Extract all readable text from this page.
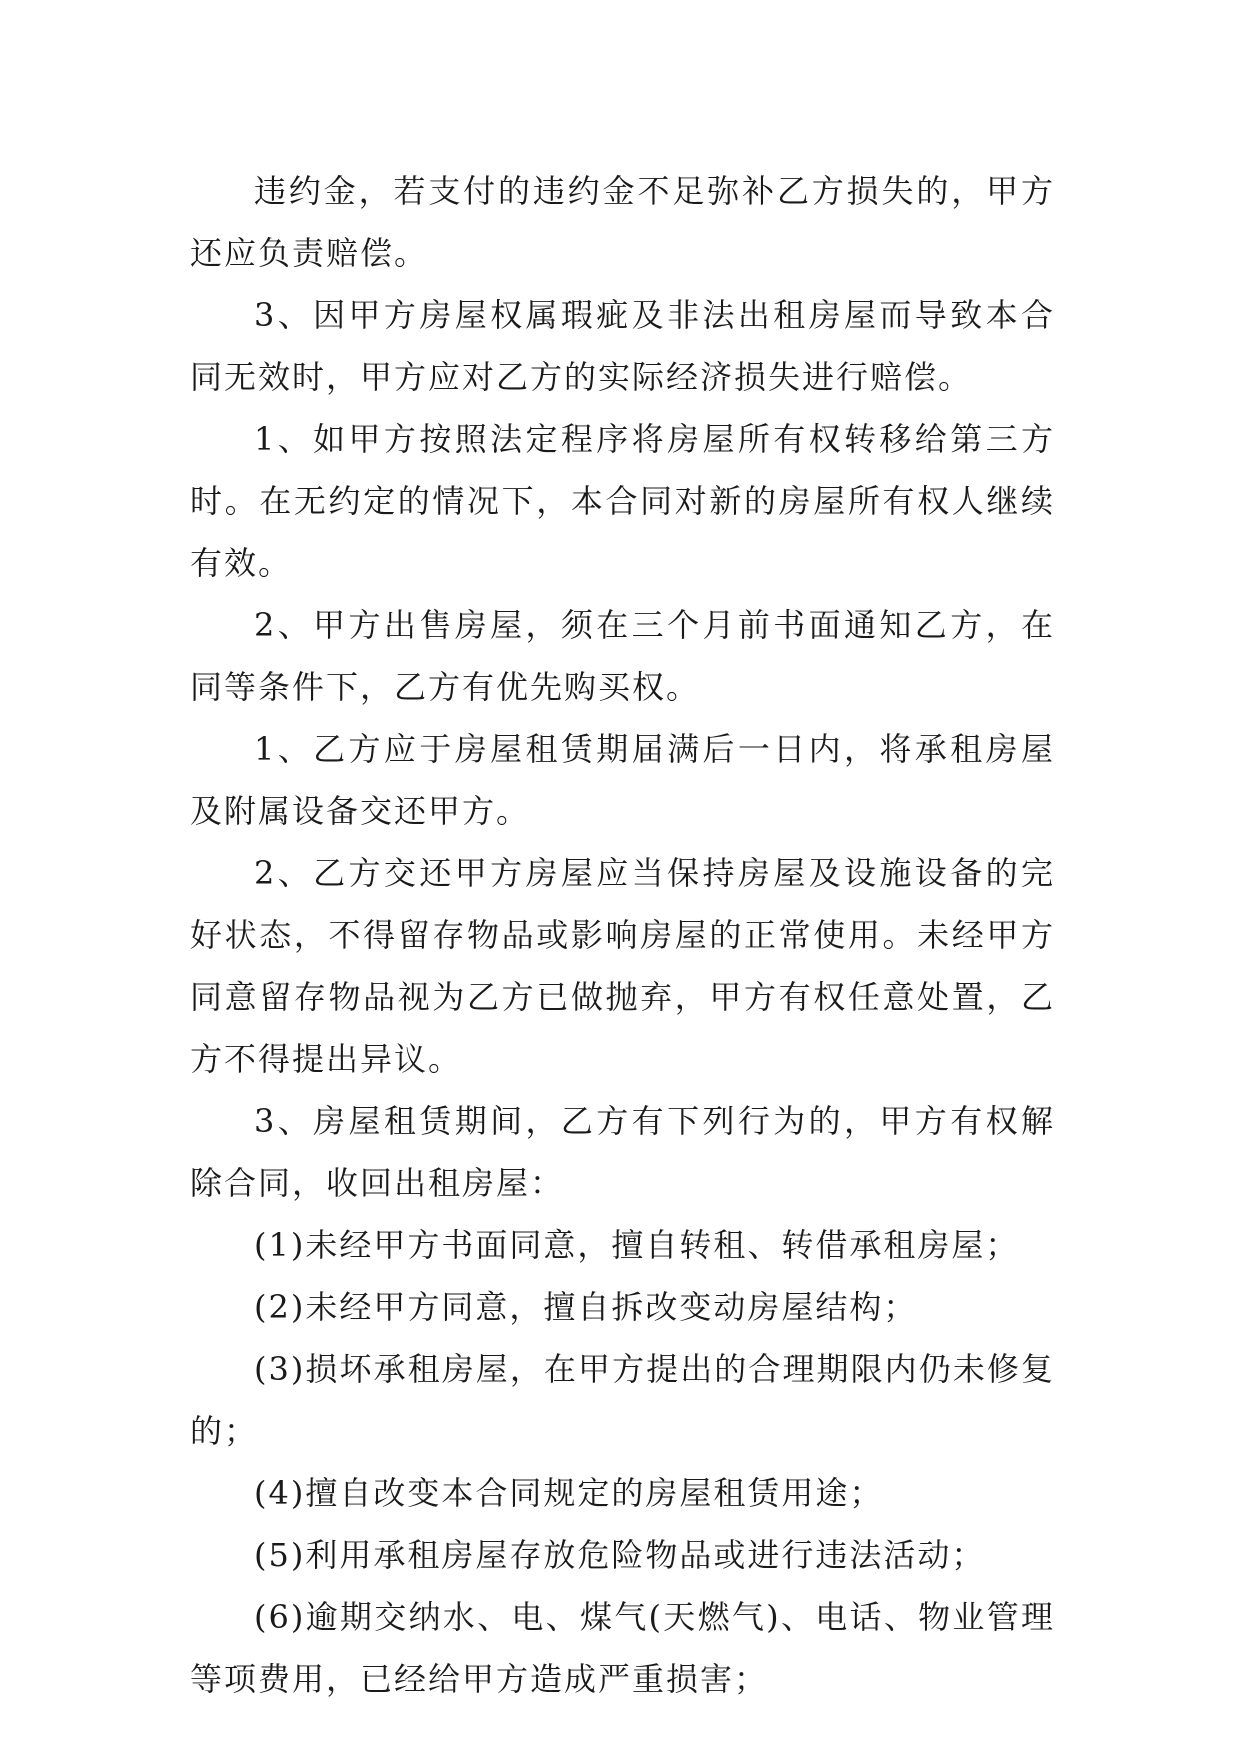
违约金，若支付的违约金不足弥补乙方损失的，甲方还应负责赔偿。

3、因甲方房屋权属瑕疵及非法出租房屋而导致本合同无效时，甲方应对乙方的实际经济损失进行赔偿。

1、如甲方按照法定程序将房屋所有权转移给第三方时。在无约定的情况下，本合同对新的房屋所有权人继续有效。

2、甲方出售房屋，须在三个月前书面通知乙方，在同等条件下，乙方有优先购买权。

1、乙方应于房屋租赁期届满后一日内，将承租房屋及附属设备交还甲方。

2、乙方交还甲方房屋应当保持房屋及设施设备的完好状态，不得留存物品或影响房屋的正常使用。未经甲方同意留存物品视为乙方已做抛弃，甲方有权任意处置，乙方不得提出异议。

3、房屋租赁期间，乙方有下列行为的，甲方有权解除合同，收回出租房屋：

(1)未经甲方书面同意，擅自转租、转借承租房屋；

(2)未经甲方同意，擅自拆改变动房屋结构；

(3)损坏承租房屋，在甲方提出的合理期限内仍未修复的；

(4)擅自改变本合同规定的房屋租赁用途；

(5)利用承租房屋存放危险物品或进行违法活动；

(6)逾期交纳水、电、煤气(天燃气)、电话、物业管理等项费用，已经给甲方造成严重损害；
